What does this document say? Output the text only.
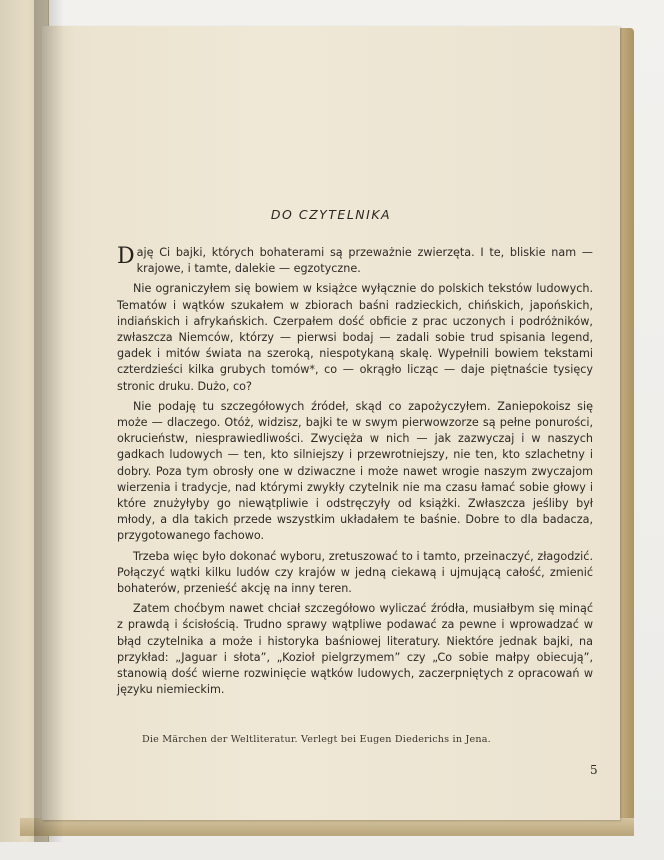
DO CZYTELNIKA

Daję Ci bajki, których bohaterami są przeważnie zwierzęta. I te, bliskie nam — krajowe, i tamte, dalekie — egzotyczne.

Nie ograniczyłem się bowiem w książce wyłącznie do polskich tekstów ludowych. Tematów i wątków szukałem w zbiorach baśni radzieckich, chińskich, japońskich, indiańskich i afrykańskich. Czerpałem dość obficie z prac uczonych i podróżników, zwłaszcza Niemców, którzy — pierwsi bodaj — zadali sobie trud spisania legend, gadek i mitów świata na szeroką, niespotykaną skalę. Wypełnili bowiem tekstami czterdzieści kilka grubych tomów*, co — okrągło licząc — daje piętnaście tysięcy stronic druku. Dużo, co?

Nie podaję tu szczegółowych źródeł, skąd co zapożyczyłem. Zaniepokoisz się może — dlaczego. Otóż, widzisz, bajki te w swym pierwowzorze są pełne ponurości, okrucieństw, niesprawiedliwości. Zwycięża w nich — jak zazwyczaj i w naszych gadkach ludowych — ten, kto silniejszy i przewrotniejszy, nie ten, kto szlachetny i dobry. Poza tym obrosły one w dziwaczne i może nawet wrogie naszym zwyczajom wierzenia i tradycje, nad którymi zwykły czytelnik nie ma czasu łamać sobie głowy i które znużyłyby go niewątpliwie i odstręczyły od książki. Zwłaszcza jeśliby był młody, a dla takich przede wszystkim układałem te baśnie. Dobre to dla badacza, przygotowanego fachowo.

Trzeba więc było dokonać wyboru, zretuszować to i tamto, przeinaczyć, złagodzić. Połączyć wątki kilku ludów czy krajów w jedną ciekawą i ujmującą całość, zmienić bohaterów, przenieść akcję na inny teren.

Zatem choćbym nawet chciał szczegółowo wyliczać źródła, musiałbym się minąć z prawdą i ścisłością. Trudno sprawy wątpliwe podawać za pewne i wprowadzać w błąd czytelnika a może i historyka baśniowej literatury. Niektóre jednak bajki, na przykład: „Jaguar i słota”, „Kozioł pielgrzymem” czy „Co sobie małpy obiecują”, stanowią dość wierne rozwinięcie wątków ludowych, zaczerpniętych z opracowań w języku niemieckim.

Die Märchen der Weltliteratur. Verlegt bei Eugen Diederichs in Jena.
5
